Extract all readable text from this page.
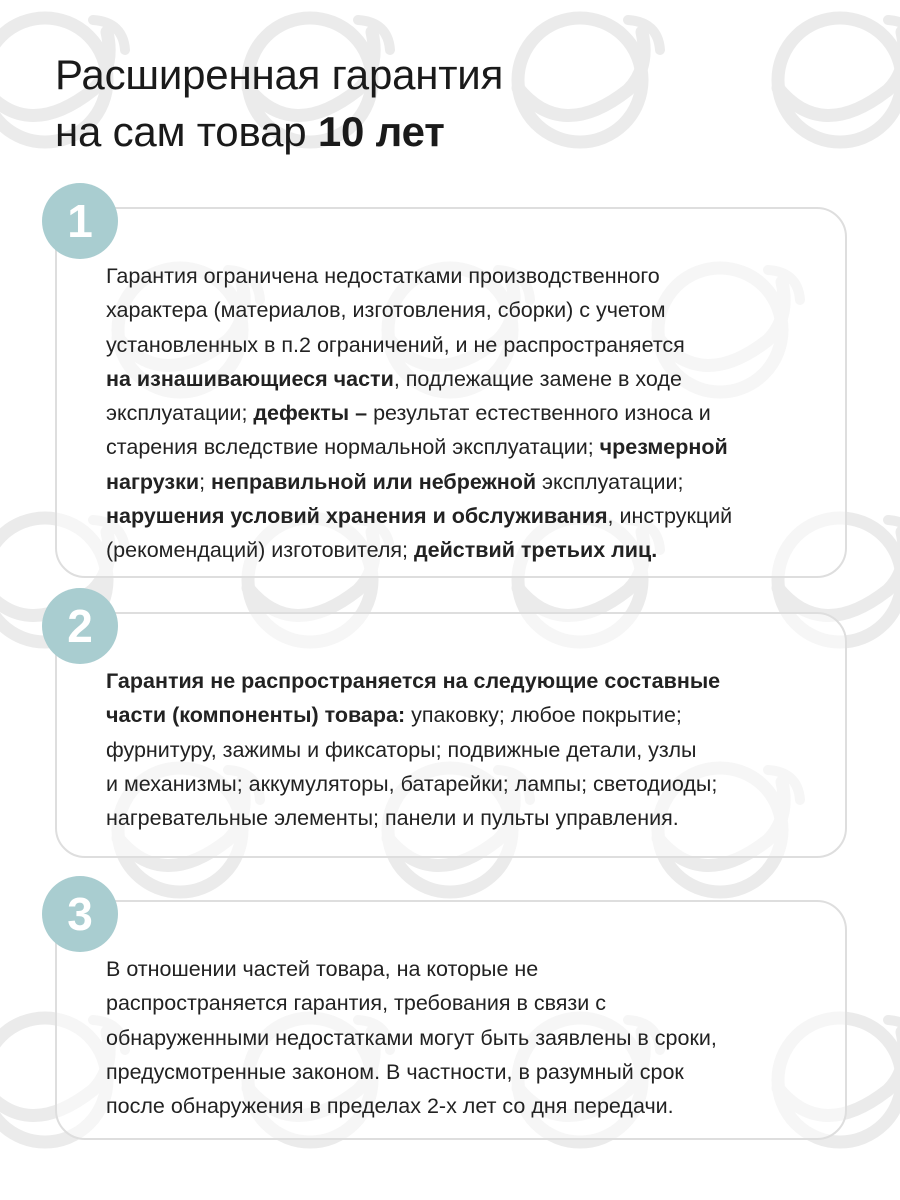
Расширенная гарантия
на сам товар 10 лет
1

Гарантия ограничена недостатками производственного
характера (материалов, изготовления, сборки) с учетом
установленных в п.2 ограничений, и не распространяется
на изнашивающиеся части, подлежащие замене в ходе
эксплуатации; дефекты – результат естественного износа и
старения вследствие нормальной эксплуатации; чрезмерной
нагрузки; неправильной или небрежной эксплуатации;
нарушения условий хранения и обслуживания, инструкций
(рекомендаций) изготовителя; действий третьих лиц.

2

Гарантия не распространяется на следующие составные
части (компоненты) товара: упаковку; любое покрытие;
фурнитуру, зажимы и фиксаторы; подвижные детали, узлы
и механизмы; аккумуляторы, батарейки; лампы; светодиоды;
нагревательные элементы; панели и пульты управления.

3

В отношении частей товара, на которые не
распространяется гарантия, требования в связи с
обнаруженными недостатками могут быть заявлены в сроки,
предусмотренные законом. В частности, в разумный срок
после обнаружения в пределах 2-х лет со дня передачи.
